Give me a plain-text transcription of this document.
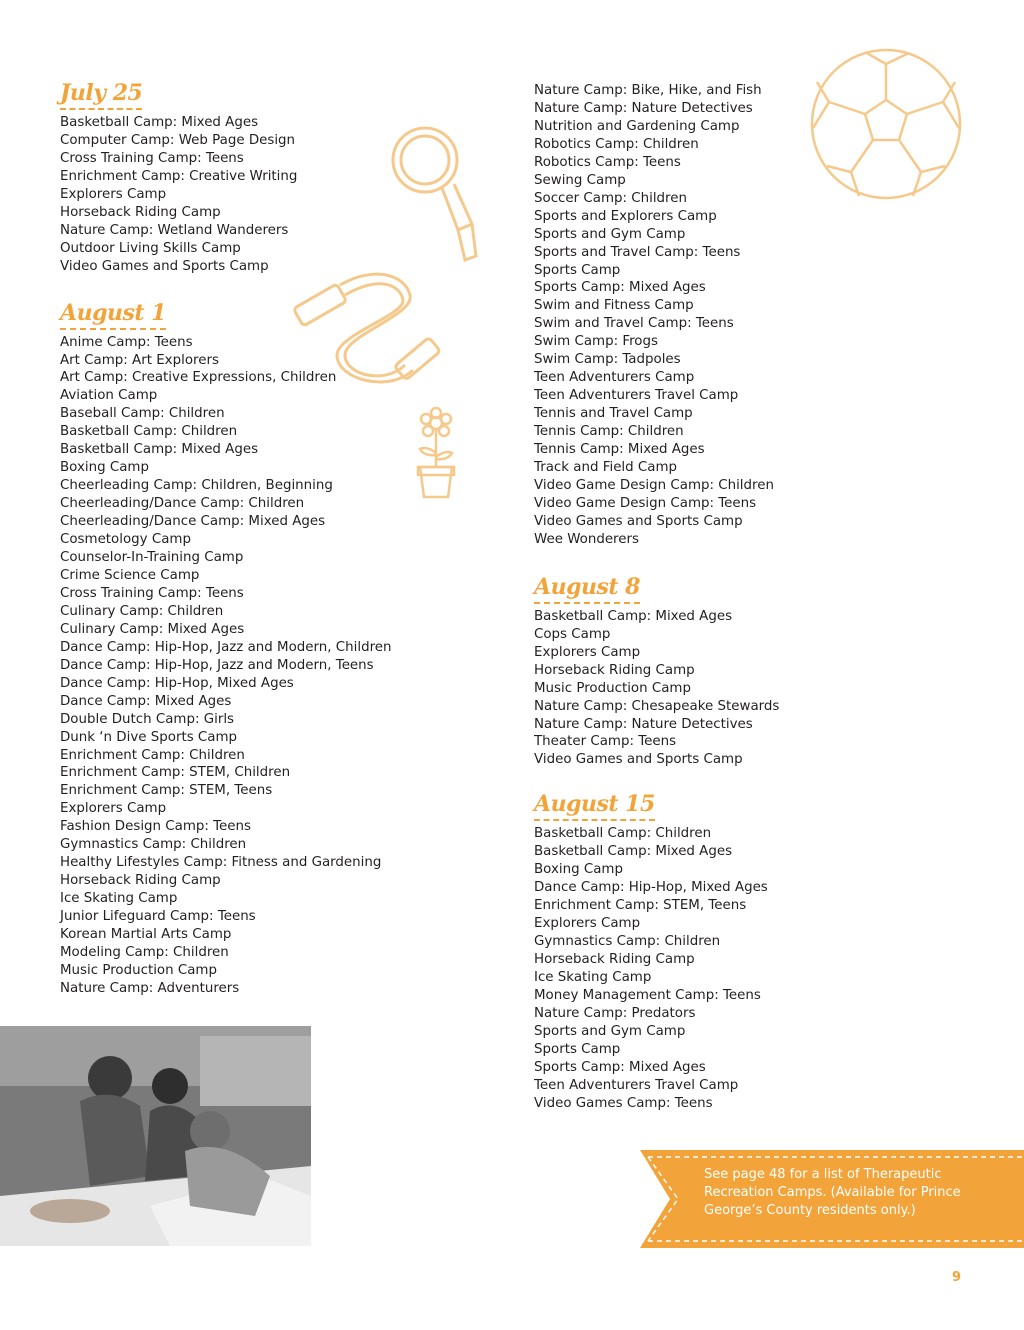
July 25
Basketball Camp: Mixed Ages
Computer Camp: Web Page Design
Cross Training Camp: Teens
Enrichment Camp: Creative Writing
Explorers Camp
Horseback Riding Camp
Nature Camp: Wetland Wanderers
Outdoor Living Skills Camp
Video Games and Sports Camp
August 1
Anime Camp: Teens
Art Camp: Art Explorers
Art Camp: Creative Expressions, Children
Aviation Camp
Baseball Camp: Children
Basketball Camp: Children
Basketball Camp: Mixed Ages
Boxing Camp
Cheerleading Camp: Children, Beginning
Cheerleading/Dance Camp: Children
Cheerleading/Dance Camp: Mixed Ages
Cosmetology Camp
Counselor-In-Training Camp
Crime Science Camp
Cross Training Camp: Teens
Culinary Camp: Children
Culinary Camp: Mixed Ages
Dance Camp: Hip-Hop, Jazz and Modern, Children
Dance Camp: Hip-Hop, Jazz and Modern, Teens
Dance Camp: Hip-Hop, Mixed Ages
Dance Camp: Mixed Ages
Double Dutch Camp: Girls
Dunk ‘n Dive Sports Camp
Enrichment Camp: Children
Enrichment Camp: STEM, Children
Enrichment Camp: STEM, Teens
Explorers Camp
Fashion Design Camp: Teens
Gymnastics Camp: Children
Healthy Lifestyles Camp: Fitness and Gardening
Horseback Riding Camp
Ice Skating Camp
Junior Lifeguard Camp: Teens
Korean Martial Arts Camp
Modeling Camp: Children
Music Production Camp
Nature Camp: Adventurers
Nature Camp: Bike, Hike, and Fish
Nature Camp: Nature Detectives
Nutrition and Gardening Camp
Robotics Camp: Children
Robotics Camp: Teens
Sewing Camp
Soccer Camp: Children
Sports and Explorers Camp
Sports and Gym Camp
Sports and Travel Camp: Teens
Sports Camp
Sports Camp: Mixed Ages
Swim and Fitness Camp
Swim and Travel Camp: Teens
Swim Camp: Frogs
Swim Camp: Tadpoles
Teen Adventurers Camp
Teen Adventurers Travel Camp
Tennis and Travel Camp
Tennis Camp: Children
Tennis Camp: Mixed Ages
Track and Field Camp
Video Game Design Camp: Children
Video Game Design Camp: Teens
Video Games and Sports Camp
Wee Wonderers
August 8
Basketball Camp: Mixed Ages
Cops Camp
Explorers Camp
Horseback Riding Camp
Music Production Camp
Nature Camp: Chesapeake Stewards
Nature Camp: Nature Detectives
Theater Camp: Teens
Video Games and Sports Camp
August 15
Basketball Camp: Children
Basketball Camp: Mixed Ages
Boxing Camp
Dance Camp: Hip-Hop, Mixed Ages
Enrichment Camp: STEM, Teens
Explorers Camp
Gymnastics Camp: Children
Horseback Riding Camp
Ice Skating Camp
Money Management Camp: Teens
Nature Camp: Predators
Sports and Gym Camp
Sports Camp
Sports Camp: Mixed Ages
Teen Adventurers Travel Camp
Video Games Camp: Teens
See page 48 for a list of Therapeutic Recreation Camps. (Available for Prince George’s County residents only.)
9
